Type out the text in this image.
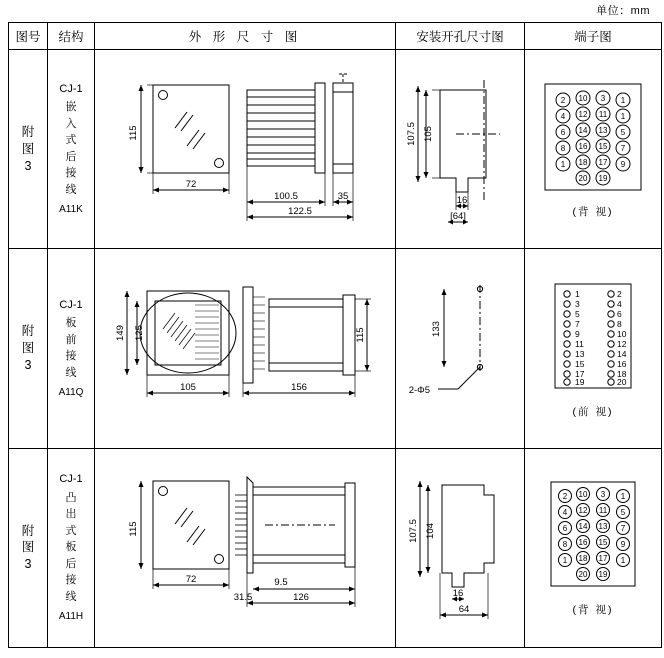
单位：mm
图号	结构	外 形 尺 寸 图	安装开孔尺寸图	端子图

附
图
3

CJ-1
嵌
入
式
后
接
线
A11K

115
72
100.5	35
122.5

107.5 105
16
[64]

2 10 3 1
4 12 11 1
6 14 13 5
8 16 15 7
1 18 17 9
20 19
(背 视)

附
图
3

CJ-1
板
前
接
线
A11Q

149 125
105	156
115	133
2-Φ5

1	2
3	4
5	6
7	8
9	10
11	12
13	14
15	16
17	18
19	20
(前 视)

附
图
3

CJ-1
凸
出
式
板
后
接
线
A11H

115
72	9.5
31.5	126

107.5 104
16
64

2 10 3 1
4 12 11 5
6 14 13 7
8 16 15 9
1 18 17 1
20 19
(背 视)
